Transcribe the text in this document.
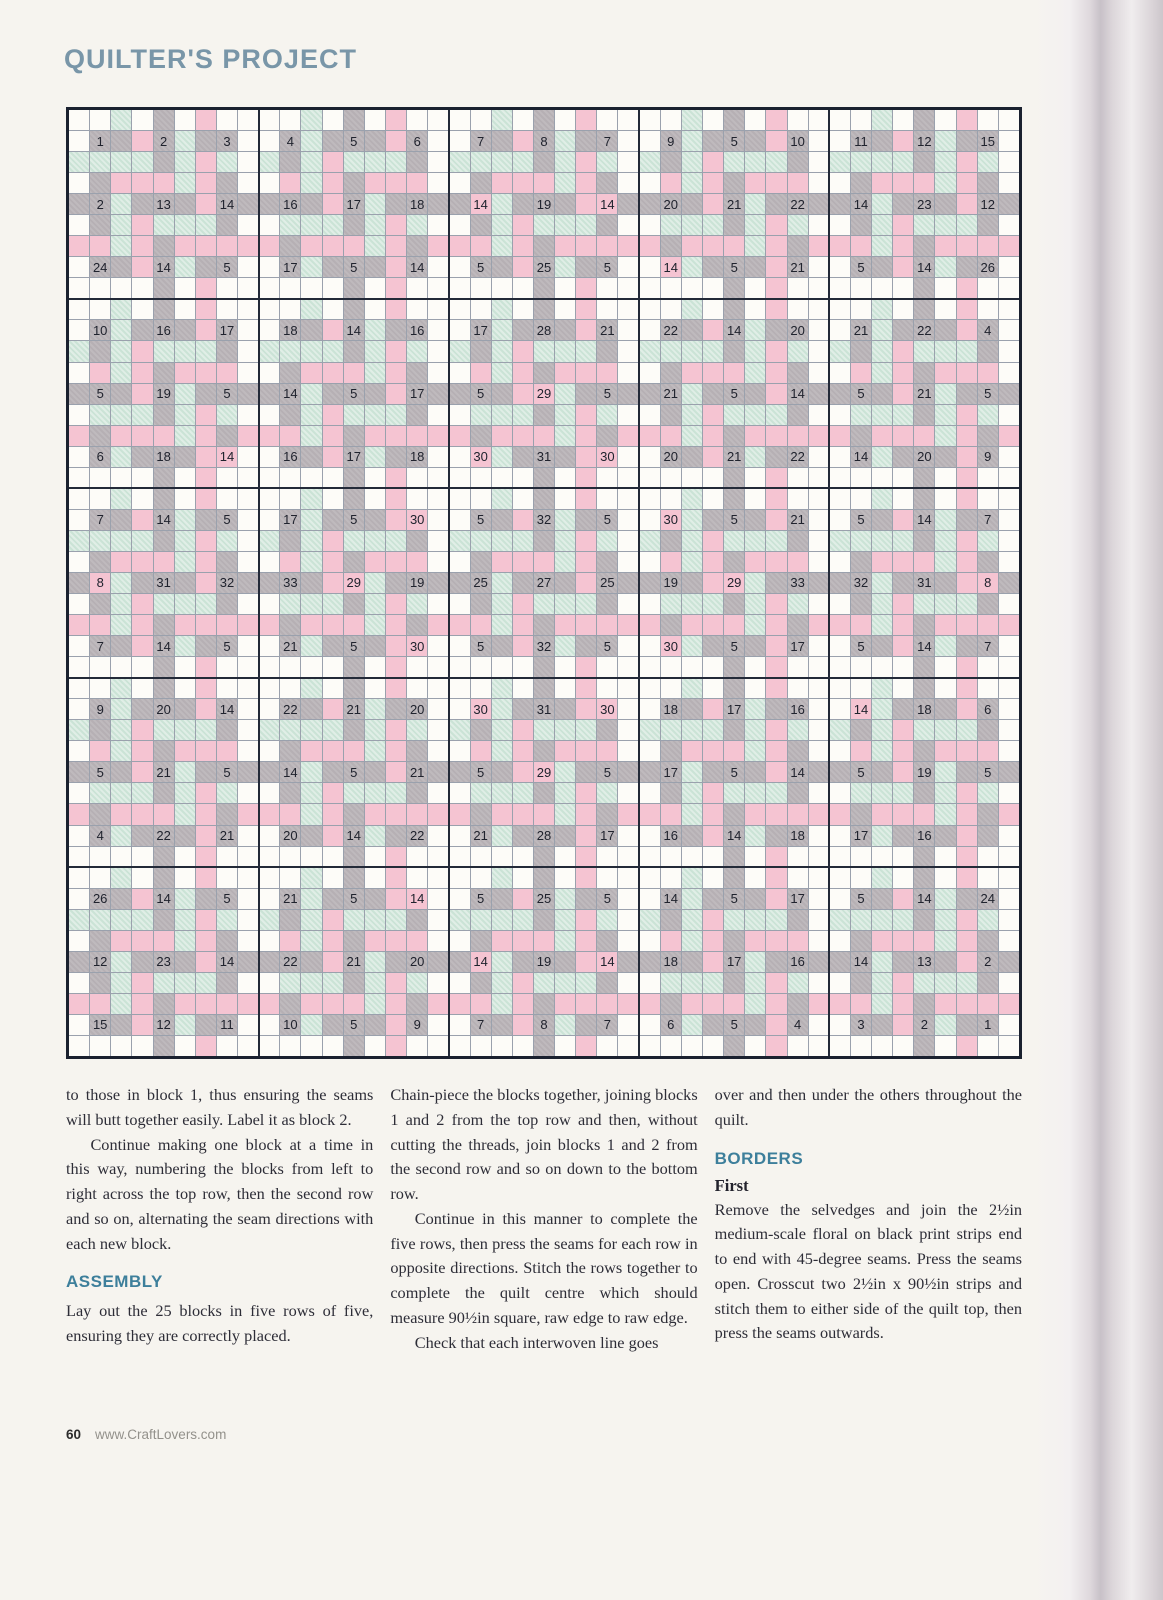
QUILTER'S PROJECT
1	2	3	4	5	6	7	8	7	9	5	10	11	12	15
2	13	14	16	17	18	14	19	14	20	21	22	14	23	12
24	14	5	17	5	14	5	25	5	14	5	21	5	14	26
10	16	17	18	14	16	17	28	21	22	14	20	21	22	4
5	19	5	14	5	17	5	29	5	21	5	14	5	21	5
6	18	14	16	17	18	30	31	30	20	21	22	14	20	9
7	14	5	17	5	30	5	32	5	30	5	21	5	14	7
8	31	32	33	29	19	25	27	25	19	29	33	32	31	8
7	14	5	21	5	30	5	32	5	30	5	17	5	14	7
9	20	14	22	21	20	30	31	30	18	17	16	14	18	6
5	21	5	14	5	21	5	29	5	17	5	14	5	19	5
4	22	21	20	14	22	21	28	17	16	14	18	17	16
26	14	5	21	5	14	5	25	5	14	5	17	5	14	24
12	23	14	22	21	20	14	19	14	18	17	16	14	13	2
15	12	11	10	5	9	7	8	7	6	5	4	3	2	1

to those in block 1, thus ensuring the seams will butt together easily. Label it as block 2.

Continue making one block at a time in this way, numbering the blocks from left to right across the top row, then the second row and so on, alternating the seam directions with each new block.

ASSEMBLY

Lay out the 25 blocks in five rows of five, ensuring they are correctly placed.

Chain-piece the blocks together, joining blocks 1 and 2 from the top row and then, without cutting the threads, join blocks 1 and 2 from the second row and so on down to the bottom row.

Continue in this manner to complete the five rows, then press the seams for each row in opposite directions. Stitch the rows together to complete the quilt centre which should measure 90½in square, raw edge to raw edge.

Check that each interwoven line goes

over and then under the others throughout the quilt.

BORDERS
First

Remove the selvedges and join the 2½in medium-scale floral on black print strips end to end with 45-degree seams. Press the seams open. Crosscut two 2½in x 90½in strips and stitch them to either side of the quilt top, then press the seams outwards.

60 www.CraftLovers.com
